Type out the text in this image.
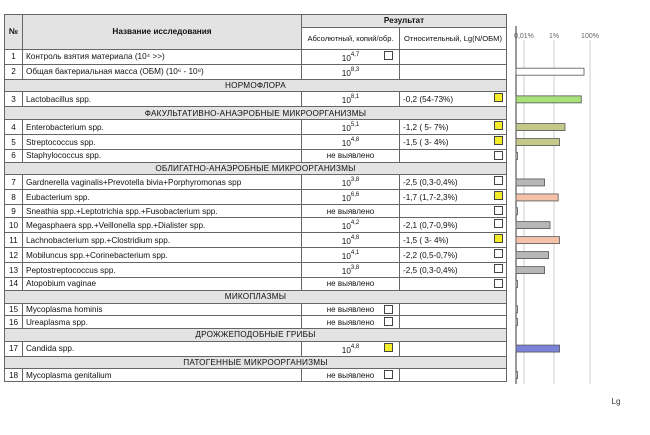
№	Название исследования	Результат	
		Абсолютный, копий/обр.	Относительный, Lg(N/ОБМ)
1	Контроль взятия материала (10⁴ >>)	10$^{4,7}$

2	Общая бактериальная масса (ОБМ) (10⁶ - 10⁸)	10$^{8,3}$	
НОРМОФЛОРА			
3	Lactobacillus spp.	10$^{8,1}$	-0,2 (54-73%)

ФАКУЛЬТАТИВНО-АНАЭРОБНЫЕ МИКРООРГАНИЗМЫ			
4	Enterobacterium spp.	10$^{5,1}$	-1,2 ( 5- 7%)

5	Streptococcus spp.	10$^{4,8}$	-1,5 ( 3- 4%)

6	Staphylococcus spp.	не выявлено	

ОБЛИГАТНО-АНАЭРОБНЫЕ МИКРООРГАНИЗМЫ			
7	Gardnerella vaginalis+Prevotella bivia+Porphyromonas spp	10$^{3,8}$	-2,5 (0,3-0,4%)

8	Eubacterium spp.	10$^{6,6}$	-1,7 (1,7-2,3%)

9	Sneathia spp.+Leptotrichia spp.+Fusobacterium spp.	не выявлено	

10	Megasphaera spp.+Veillonella spp.+Dialister spp.	10$^{4,2}$	-2,1 (0,7-0,9%)

11	Lachnobacterium spp.+Clostridium spp.	10$^{4,8}$	-1,5 ( 3- 4%)

12	Mobiluncus spp.+Corinebacterium spp.	10$^{4,1}$	-2,2 (0,5-0,7%)

13	Peptostreptococcus spp.	10$^{3,8}$	-2,5 (0,3-0,4%)

14	Atopobium vaginae	не выявлено	

МИКОПЛАЗМЫ			
15	Mycoplasma hominis	не выявлено

16	Ureaplasma spp.	не выявлено

ДРОЖЖЕПОДОБНЫЕ ГРИБЫ			
17	Candida spp.	10$^{4,8}$

ПАТОГЕННЫЕ МИКРООРГАНИЗМЫ			
18	Mycoplasma genitalium	не выявлено

0,01% 1%	100%
Lg
